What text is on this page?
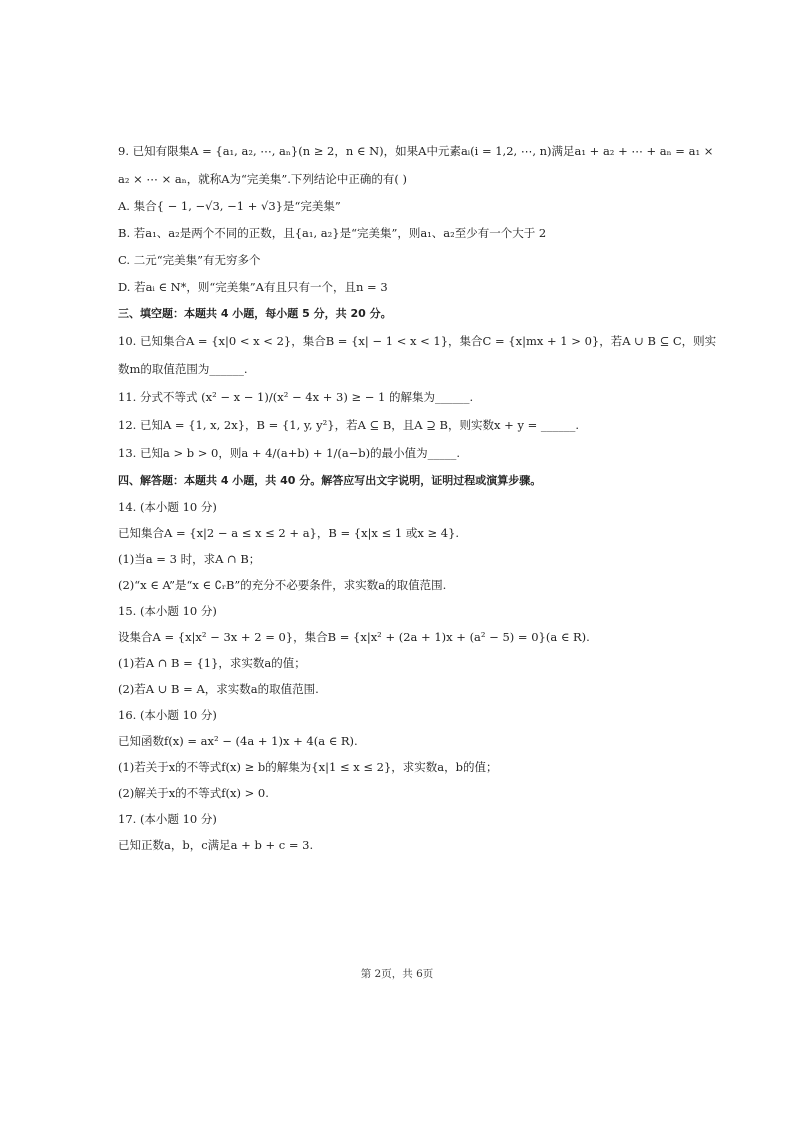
9. 已知有限集A = {a₁, a₂, ⋯, aₙ}(n ≥ 2，n ∈ N)，如果A中元素aᵢ(i = 1,2, ⋯, n)满足a₁ + a₂ + ⋯ + aₙ = a₁ ×

a₂ × ⋯ × aₙ，就称A为“完美集”.下列结论中正确的有( )

A. 集合{ − 1, −√3, −1 + √3}是“完美集”

B. 若a₁、a₂是两个不同的正数，且{a₁, a₂}是“完美集”，则a₁、a₂至少有一个大于 2

C. 二元“完美集”有无穷多个

D. 若aᵢ ∈ N*，则“完美集”A有且只有一个，且n = 3

三、填空题：本题共 4 小题，每小题 5 分，共 20 分。

10. 已知集合A = {x|0 < x < 2}，集合B = {x| − 1 < x < 1}，集合C = {x|mx + 1 > 0}，若A ∪ B ⊆ C，则实

数m的取值范围为______.

11. 分式不等式 (x² − x − 1)/(x² − 4x + 3) ≥ − 1 的解集为______.

12. 已知A = {1, x, 2x}，B = {1, y, y²}，若A ⊆ B，且A ⊇ B，则实数x + y = ______.

13. 已知a > b > 0，则a + 4/(a+b) + 1/(a−b)的最小值为_____.

四、解答题：本题共 4 小题，共 40 分。解答应写出文字说明，证明过程或演算步骤。

14. (本小题 10 分)

已知集合A = {x|2 − a ≤ x ≤ 2 + a}，B = {x|x ≤ 1 或x ≥ 4}.

(1)当a = 3 时，求A ∩ B；

(2)“x ∈ A”是“x ∈ ∁ᵣB”的充分不必要条件，求实数a的取值范围.

15. (本小题 10 分)

设集合A = {x|x² − 3x + 2 = 0}，集合B = {x|x² + (2a + 1)x + (a² − 5) = 0}(a ∈ R).

(1)若A ∩ B = {1}，求实数a的值；

(2)若A ∪ B = A，求实数a的取值范围.

16. (本小题 10 分)

已知函数f(x) = ax² − (4a + 1)x + 4(a ∈ R).

(1)若关于x的不等式f(x) ≥ b的解集为{x|1 ≤ x ≤ 2}，求实数a，b的值；

(2)解关于x的不等式f(x) > 0.

17. (本小题 10 分)

已知正数a，b，c满足a + b + c = 3.

第 2页，共 6页
